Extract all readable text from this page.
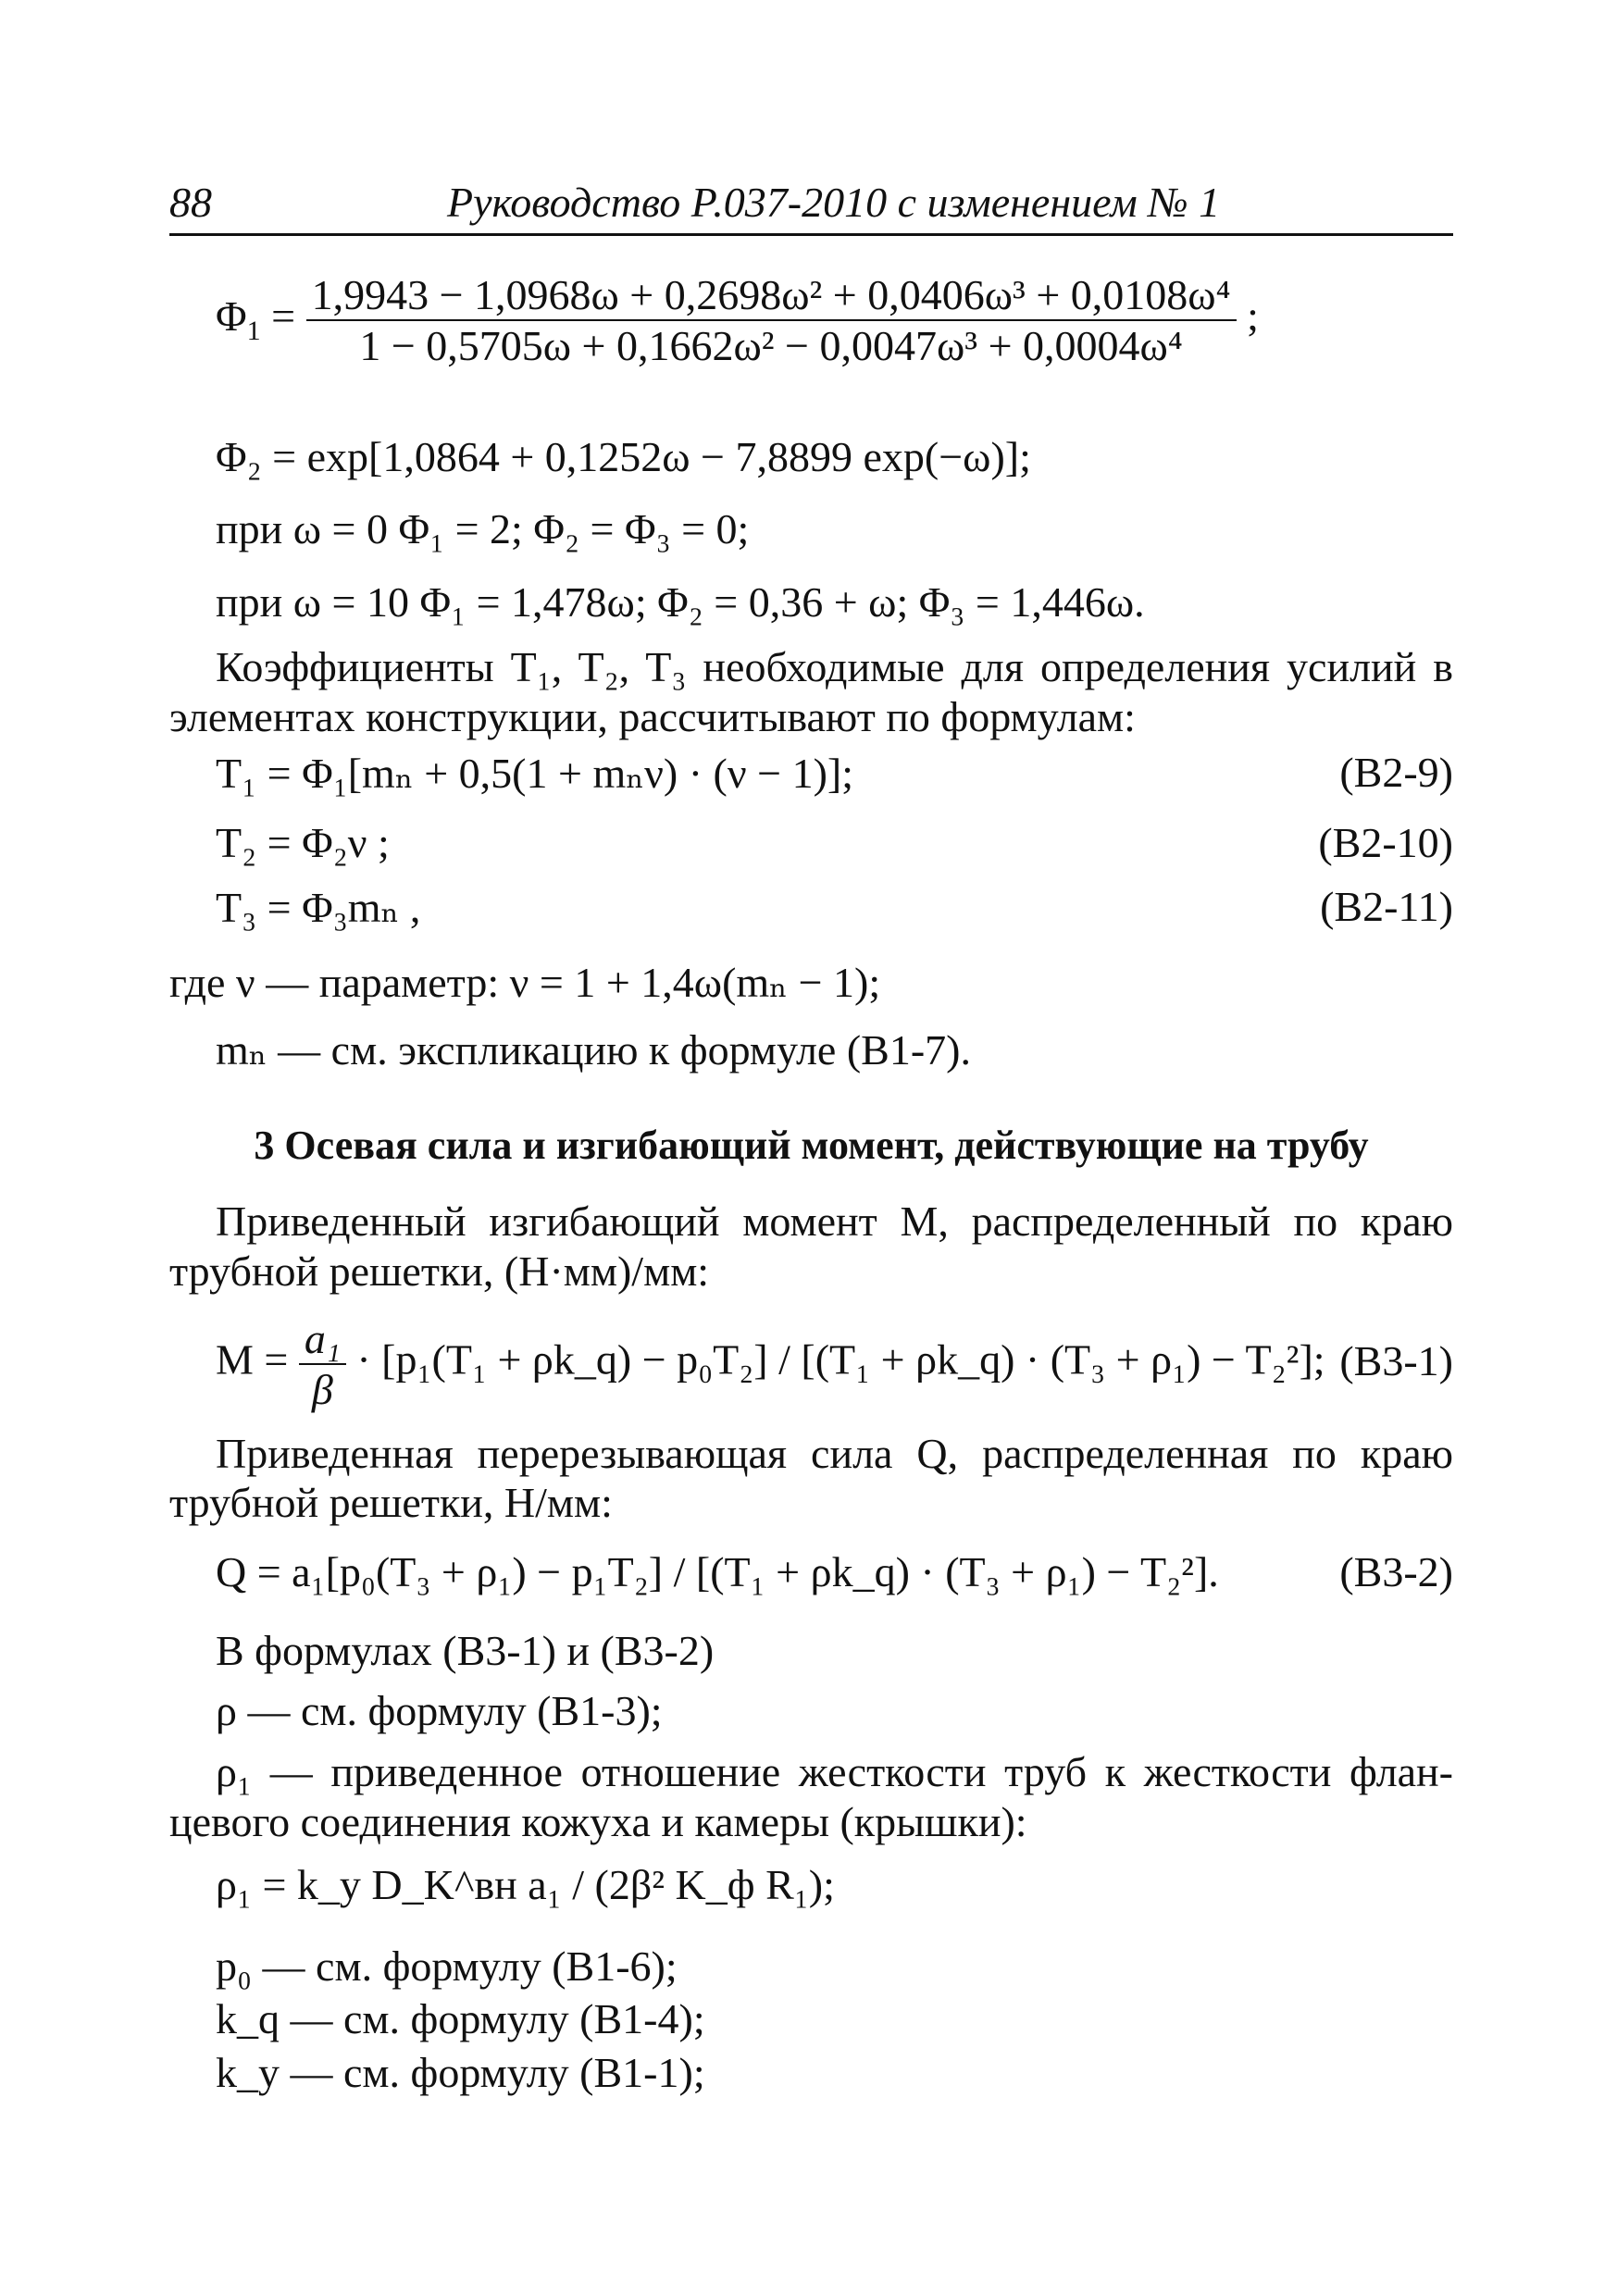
88	Руководство Р.037-2010 с изменением № 1
$\Phi_1 = \frac{\text{1,9943 − 1,0968ω + 0,2698ω² + 0,0406ω³ + 0,0108ω⁴}}{\text{1 − 0,5705ω + 0,1662ω² − 0,0047ω³ + 0,0004ω⁴}}$ ;
Φ₂ = exp[1,0864 + 0,1252ω − 7,8899 exp(−ω)];
при ω = 0 Φ₁ = 2; Φ₂ = Φ₃ = 0;
при ω = 10 Φ₁ = 1,478ω; Φ₂ = 0,36 + ω; Φ₃ = 1,446ω.
Коэффициенты T₁, T₂, T₃ необходимые для определения усилий в
элементах конструкции, рассчитывают по формулам:
T₁ = Φ₁[mₙ + 0,5(1 + mₙν) · (ν − 1)];	(В2-9)
T₂ = Φ₂ν ;	(В2-10)
T₃ = Φ₃mₙ ,	(В2-11)
где ν — параметр: ν = 1 + 1,4ω(mₙ − 1);
mₙ — см. экспликацию к формуле (В1-7).
3 Осевая сила и изгибающий момент, действующие на трубу
Приведенный изгибающий момент M, распределенный по краю
трубной решетки, (Н·мм)/мм:
$M = \frac{\text{a₁}}{\beta} \cdot [p_1(T_1$ + ρk_q) − p₀T₂] / [(T₁ + ρk_q) · (T₃ + ρ₁) − T₂²]; (В3-1)
Приведенная перерезывающая сила Q, распределенная по краю
трубной решетки, Н/мм:
Q = a₁[p₀(T₃ + ρ₁) − p₁T₂] / [(T₁ + ρk_q) · (T₃ + ρ₁) − T₂²].	(В3-2)
В формулах (В3-1) и (В3-2)
ρ — см. формулу (В1-3);
ρ₁ — приведенное отношение жесткости труб к жесткости флан-
цевого соединения кожуха и камеры (крышки):
ρ₁ = k_y D_K^вн a₁ / (2β² K_ф R₁);
p₀ — см. формулу (В1-6);
k_q — см. формулу (В1-4);
k_y — см. формулу (В1-1);
